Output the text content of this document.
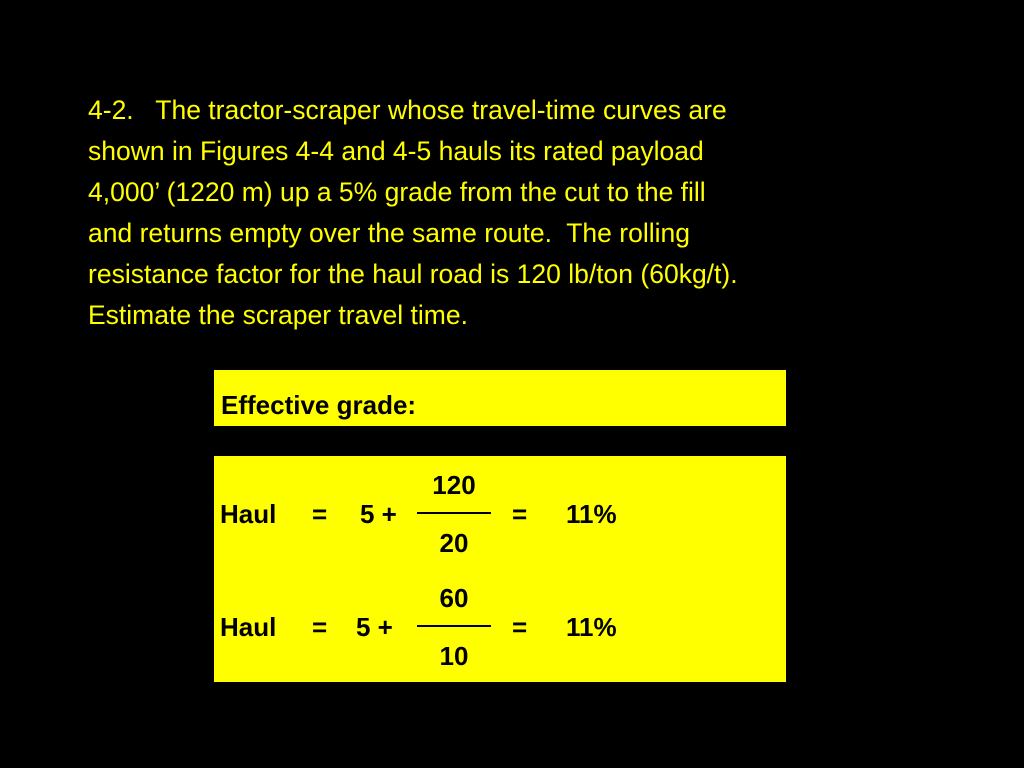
4-2.   The tractor-scraper whose travel-time curves are
shown in Figures 4-4 and 4-5 hauls its rated payload
4,000’ (1220 m) up a 5% grade from the cut to the fill
and returns empty over the same route.  The rolling
resistance factor for the haul road is 120 lb/ton (60kg/t).
Estimate the scraper travel time.
Effective grade:
Haul = 5 +
120
20
= 11%
Haul = 5 +
60
10
= 11%
